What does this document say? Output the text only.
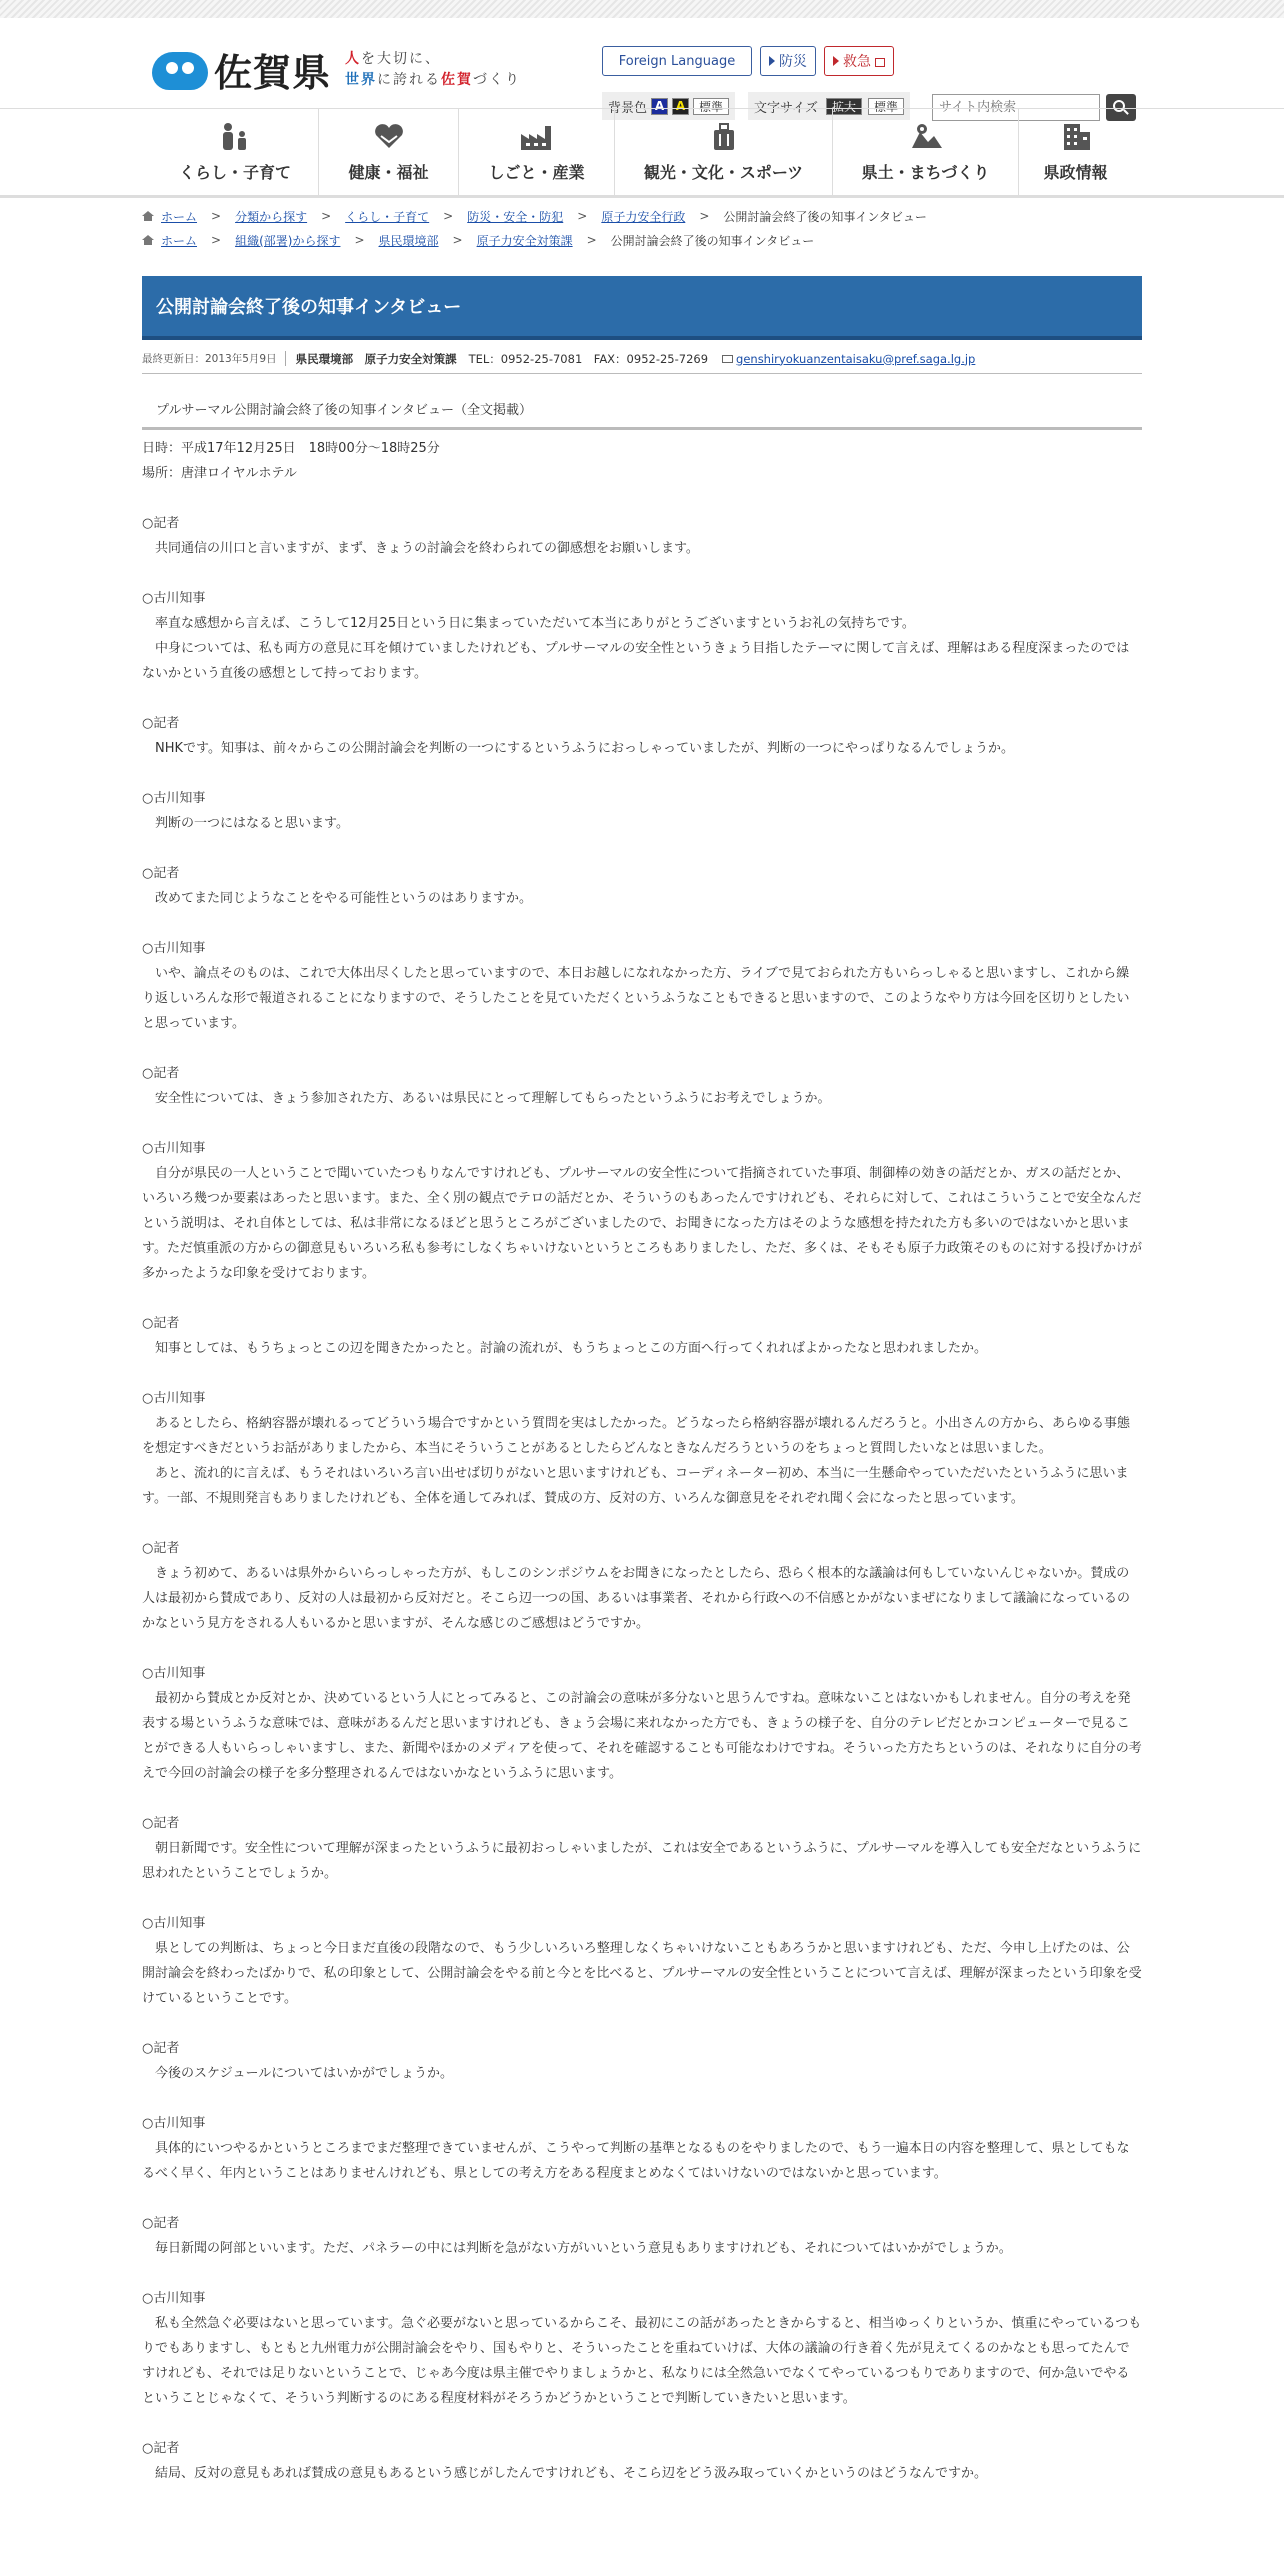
佐賀県 人を大切に、
世界に誇れる佐賀づくり
Foreign Language	防災	救急
背景色 A A	標準	文字サイズ	拡大	標準
サイト内検索
くらし・子育て	健康・福祉	しごと・産業	観光・文化・スポーツ	県土・まちづくり	県政情報
ホーム > 分類から探す > くらし・子育て > 防災・安全・防犯 > 原子力安全行政 > 公開討論会終了後の知事インタビュー
ホーム > 組織(部署)から探す > 県民環境部 > 原子力安全対策課 > 公開討論会終了後の知事インタビュー
公開討論会終了後の知事インタビュー
最終更新日：2013年5月9日	県民環境部　原子力安全対策課 TEL：0952-25-7081　FAX：0952-25-7269 genshiryokuanzentaisaku@pref.saga.lg.jp
プルサーマル公開討論会終了後の知事インタビュー（全文掲載）

日時：平成17年12月25日　18時00分～18時25分

場所：唐津ロイヤルホテル

○記者

共同通信の川口と言いますが、まず、きょうの討論会を終わられての御感想をお願いします。

○古川知事

率直な感想から言えば、こうして12月25日という日に集まっていただいて本当にありがとうございますというお礼の気持ちです。

中身については、私も両方の意見に耳を傾けていましたけれども、プルサーマルの安全性というきょう目指したテーマに関して言えば、理解はある程度深まったのではないかという直後の感想として持っております。

○記者

NHKです。知事は、前々からこの公開討論会を判断の一つにするというふうにおっしゃっていましたが、判断の一つにやっぱりなるんでしょうか。

○古川知事

判断の一つにはなると思います。

○記者

改めてまた同じようなことをやる可能性というのはありますか。

○古川知事

いや、論点そのものは、これで大体出尽くしたと思っていますので、本日お越しになれなかった方、ライブで見ておられた方もいらっしゃると思いますし、これから繰り返しいろんな形で報道されることになりますので、そうしたことを見ていただくというふうなこともできると思いますので、このようなやり方は今回を区切りとしたいと思っています。

○記者

安全性については、きょう参加された方、あるいは県民にとって理解してもらったというふうにお考えでしょうか。

○古川知事

自分が県民の一人ということで聞いていたつもりなんですけれども、プルサーマルの安全性について指摘されていた事項、制御棒の効きの話だとか、ガスの話だとか、いろいろ幾つか要素はあったと思います。また、全く別の観点でテロの話だとか、そういうのもあったんですけれども、それらに対して、これはこういうことで安全なんだという説明は、それ自体としては、私は非常になるほどと思うところがございましたので、お聞きになった方はそのような感想を持たれた方も多いのではないかと思います。ただ慎重派の方からの御意見もいろいろ私も参考にしなくちゃいけないというところもありましたし、ただ、多くは、そもそも原子力政策そのものに対する投げかけが多かったような印象を受けております。

○記者

知事としては、もうちょっとこの辺を聞きたかったと。討論の流れが、もうちょっとこの方面へ行ってくれればよかったなと思われましたか。

○古川知事

あるとしたら、格納容器が壊れるってどういう場合ですかという質問を実はしたかった。どうなったら格納容器が壊れるんだろうと。小出さんの方から、あらゆる事態を想定すべきだというお話がありましたから、本当にそういうことがあるとしたらどんなときなんだろうというのをちょっと質問したいなとは思いました。

あと、流れ的に言えば、もうそれはいろいろ言い出せば切りがないと思いますけれども、コーディネーター初め、本当に一生懸命やっていただいたというふうに思います。一部、不規則発言もありましたけれども、全体を通してみれば、賛成の方、反対の方、いろんな御意見をそれぞれ聞く会になったと思っています。

○記者

きょう初めて、あるいは県外からいらっしゃった方が、もしこのシンポジウムをお聞きになったとしたら、恐らく根本的な議論は何もしていないんじゃないか。賛成の人は最初から賛成であり、反対の人は最初から反対だと。そこら辺一つの国、あるいは事業者、それから行政への不信感とかがないまぜになりまして議論になっているのかなという見方をされる人もいるかと思いますが、そんな感じのご感想はどうですか。

○古川知事

最初から賛成とか反対とか、決めているという人にとってみると、この討論会の意味が多分ないと思うんですね。意味ないことはないかもしれません。自分の考えを発表する場というふうな意味では、意味があるんだと思いますけれども、きょう会場に来れなかった方でも、きょうの様子を、自分のテレビだとかコンピューターで見ることができる人もいらっしゃいますし、また、新聞やほかのメディアを使って、それを確認することも可能なわけですね。そういった方たちというのは、それなりに自分の考えで今回の討論会の様子を多分整理されるんではないかなというふうに思います。

○記者

朝日新聞です。安全性について理解が深まったというふうに最初おっしゃいましたが、これは安全であるというふうに、プルサーマルを導入しても安全だなというふうに思われたということでしょうか。

○古川知事

県としての判断は、ちょっと今日まだ直後の段階なので、もう少しいろいろ整理しなくちゃいけないこともあろうかと思いますけれども、ただ、今申し上げたのは、公開討論会を終わったばかりで、私の印象として、公開討論会をやる前と今とを比べると、プルサーマルの安全性ということについて言えば、理解が深まったという印象を受けているということです。

○記者

今後のスケジュールについてはいかがでしょうか。

○古川知事

具体的にいつやるかというところまでまだ整理できていませんが、こうやって判断の基準となるものをやりましたので、もう一遍本日の内容を整理して、県としてもなるべく早く、年内ということはありませんけれども、県としての考え方をある程度まとめなくてはいけないのではないかと思っています。

○記者

毎日新聞の阿部といいます。ただ、パネラーの中には判断を急がない方がいいという意見もありますけれども、それについてはいかがでしょうか。

○古川知事

私も全然急ぐ必要はないと思っています。急ぐ必要がないと思っているからこそ、最初にこの話があったときからすると、相当ゆっくりというか、慎重にやっているつもりでもありますし、もともと九州電力が公開討論会をやり、国もやりと、そういったことを重ねていけば、大体の議論の行き着く先が見えてくるのかなとも思ってたんですけれども、それでは足りないということで、じゃあ今度は県主催でやりましょうかと、私なりには全然急いでなくてやっているつもりでありますので、何か急いでやるということじゃなくて、そういう判断するのにある程度材料がそろうかどうかということで判断していきたいと思います。

○記者

結局、反対の意見もあれば賛成の意見もあるという感じがしたんですけれども、そこら辺をどう汲み取っていくかというのはどうなんですか。
